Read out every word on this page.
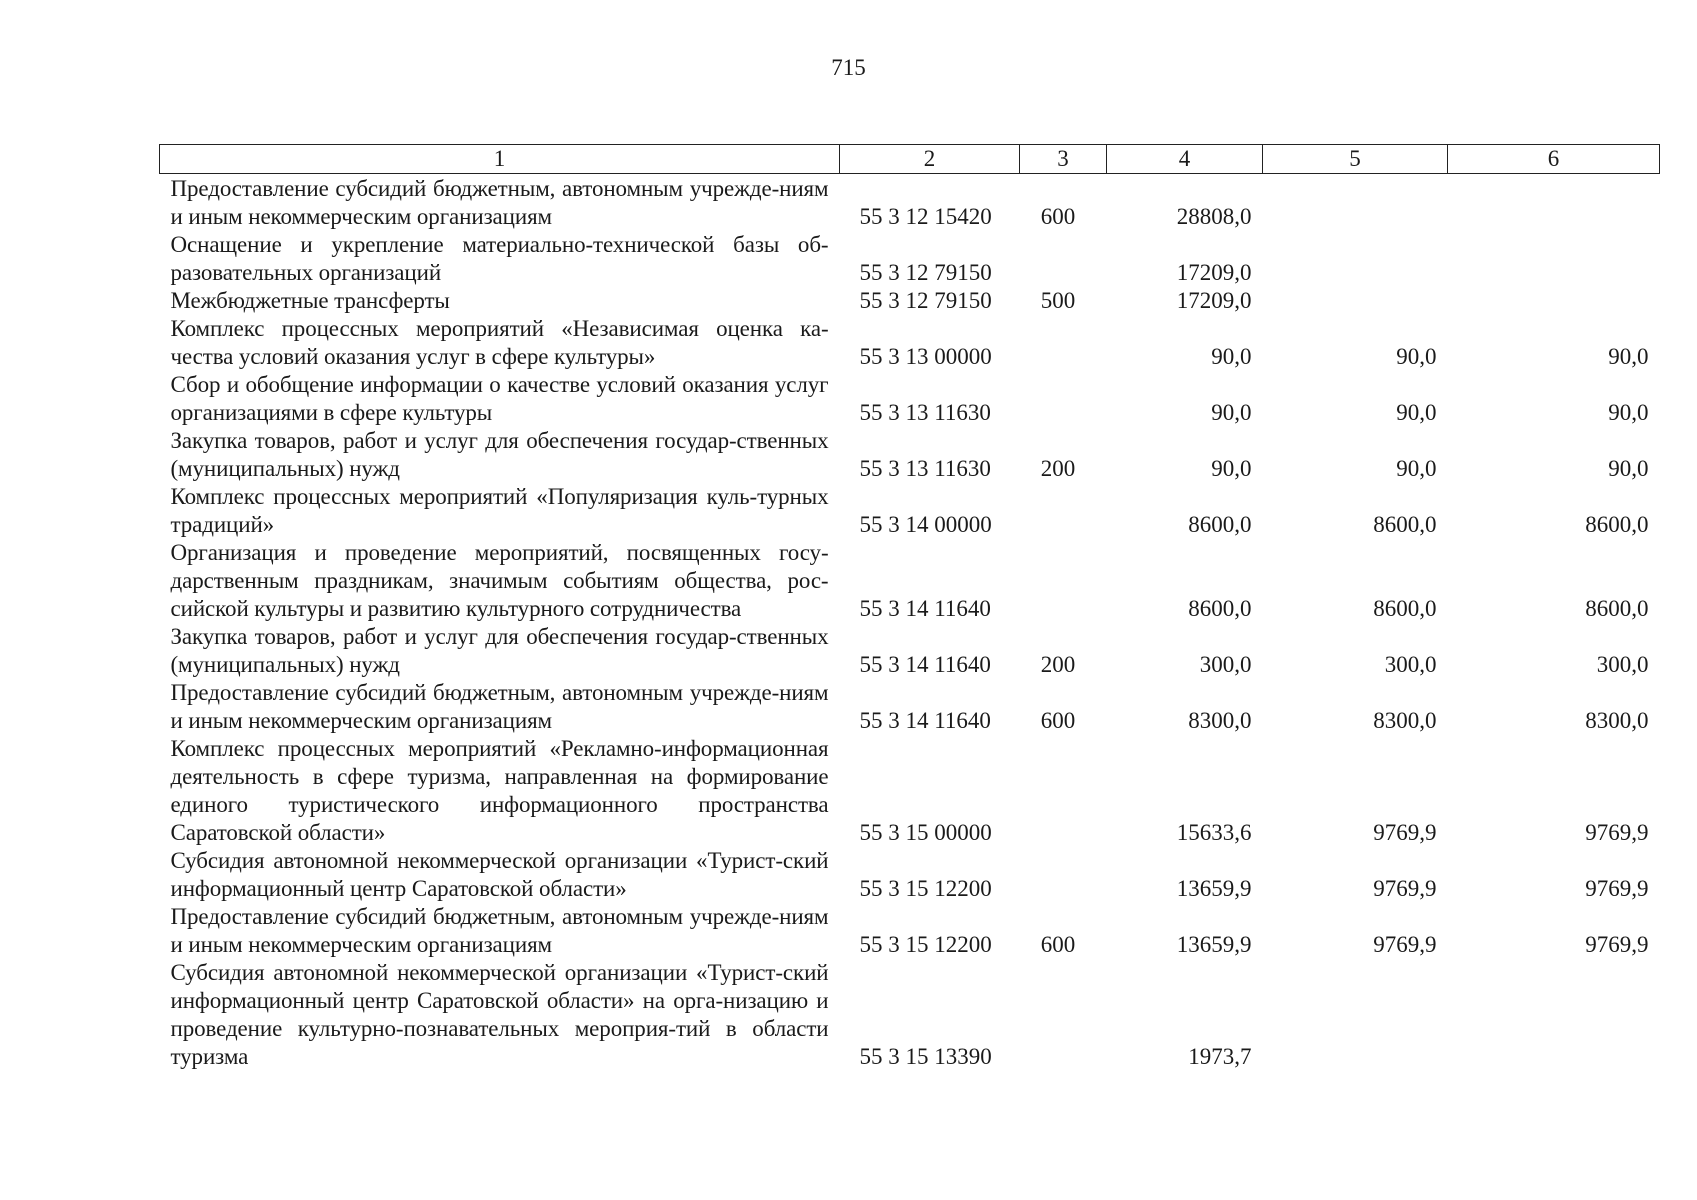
715
1	2	3	4	5	6
Предоставление субсидий бюджетным, автономным учрежде-ниям и иным некоммерческим организациям	55 3 12 15420	600	28808,0		
Оснащение и укрепление материально-технической базы об-разовательных организаций	55 3 12 79150		17209,0		
Межбюджетные трансферты	55 3 12 79150	500	17209,0		
Комплекс процессных мероприятий «Независимая оценка ка-чества условий оказания услуг в сфере культуры»	55 3 13 00000		90,0	90,0	90,0
Сбор и обобщение информации о качестве условий оказания услуг организациями в сфере культуры	55 3 13 11630		90,0	90,0	90,0
Закупка товаров, работ и услуг для обеспечения государ-ственных (муниципальных) нужд	55 3 13 11630	200	90,0	90,0	90,0
Комплекс процессных мероприятий «Популяризация куль-турных традиций»	55 3 14 00000		8600,0	8600,0	8600,0
Организация и проведение мероприятий, посвященных госу-дарственным праздникам, значимым событиям общества, рос-сийской культуры и развитию культурного сотрудничества	55 3 14 11640		8600,0	8600,0	8600,0
Закупка товаров, работ и услуг для обеспечения государ-ственных (муниципальных) нужд	55 3 14 11640	200	300,0	300,0	300,0
Предоставление субсидий бюджетным, автономным учрежде-ниям и иным некоммерческим организациям	55 3 14 11640	600	8300,0	8300,0	8300,0
Комплекс процессных мероприятий «Рекламно-информационная деятельность в сфере туризма, направленная на формирование единого туристического информационного пространства Саратовской области»	55 3 15 00000		15633,6	9769,9	9769,9
Субсидия автономной некоммерческой организации «Турист-ский информационный центр Саратовской области»	55 3 15 12200		13659,9	9769,9	9769,9
Предоставление субсидий бюджетным, автономным учрежде-ниям и иным некоммерческим организациям	55 3 15 12200	600	13659,9	9769,9	9769,9
Субсидия автономной некоммерческой организации «Турист-ский информационный центр Саратовской области» на орга-низацию и проведение культурно-познавательных мероприя-тий в области туризма	55 3 15 13390		1973,7		
